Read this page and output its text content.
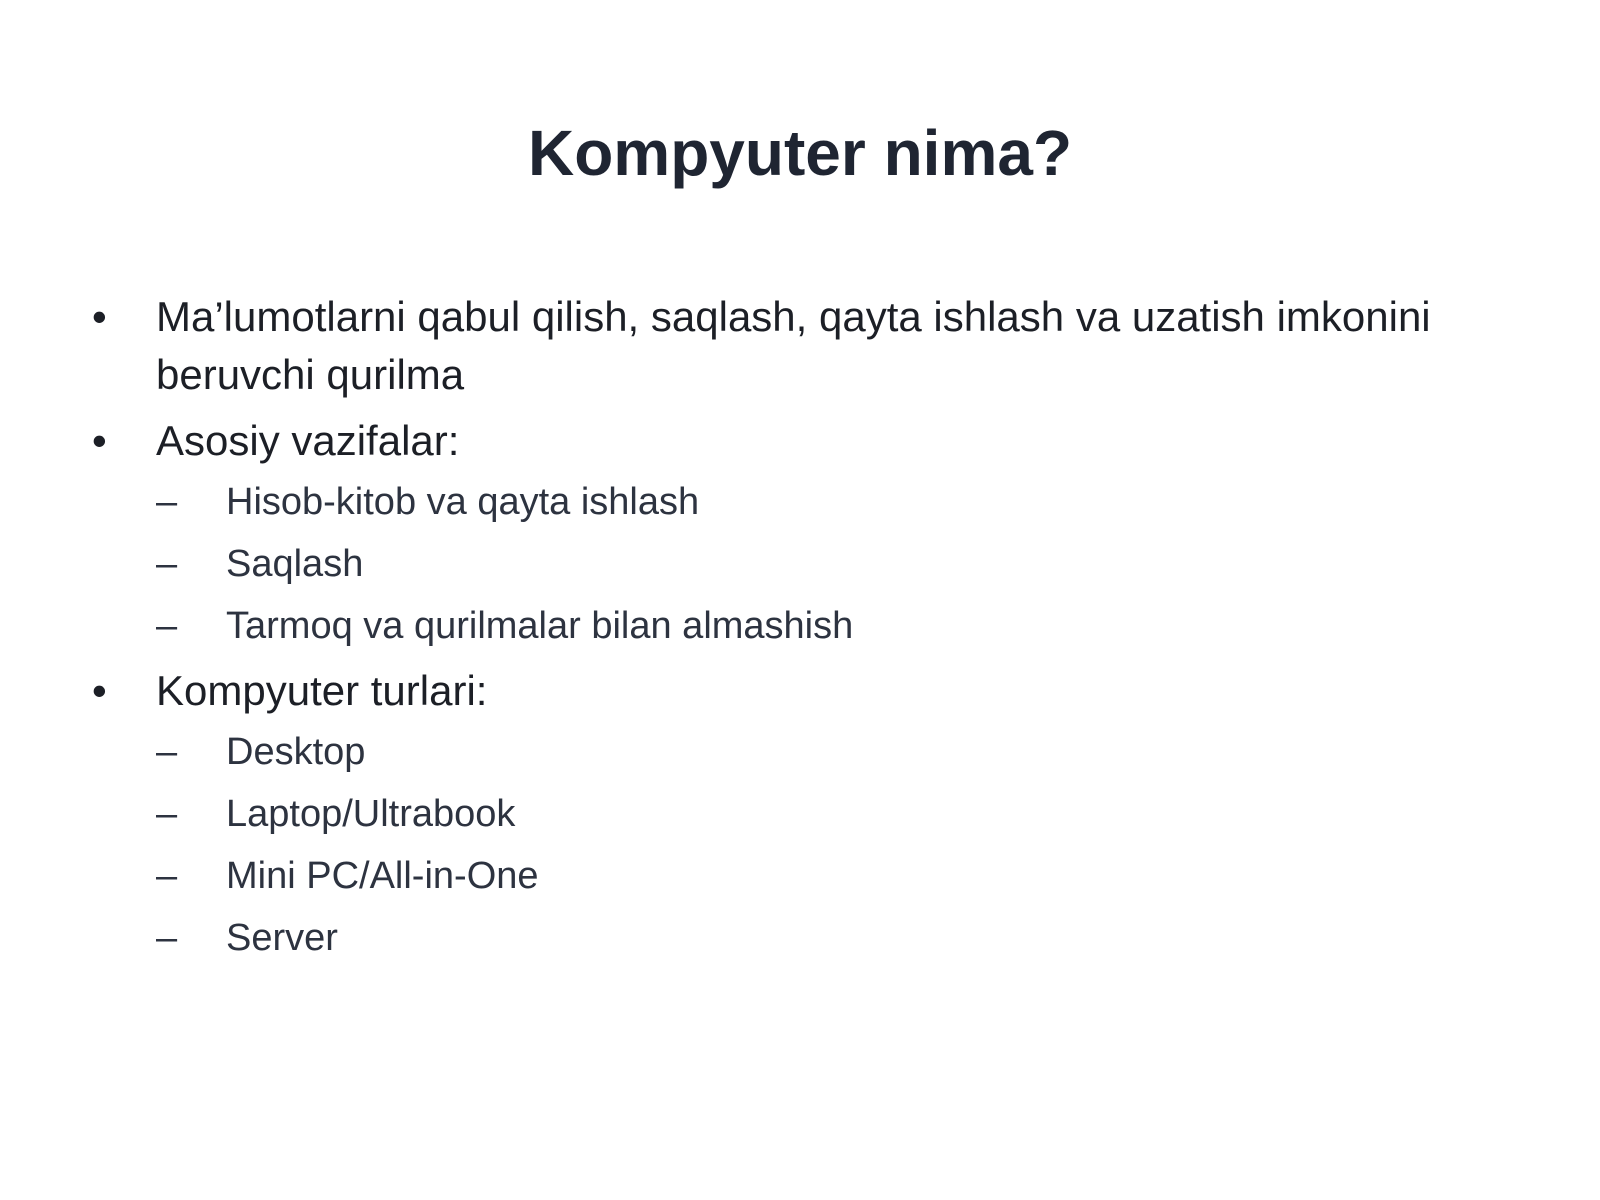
Kompyuter nima?
• Ma’lumotlarni qabul qilish, saqlash, qayta ishlash va uzatish imkonini beruvchi qurilma
• Asosiy vazifalar:
– Hisob-kitob va qayta ishlash
– Saqlash
– Tarmoq va qurilmalar bilan almashish
• Kompyuter turlari:
– Desktop
– Laptop/Ultrabook
– Mini PC/All-in-One
– Server
